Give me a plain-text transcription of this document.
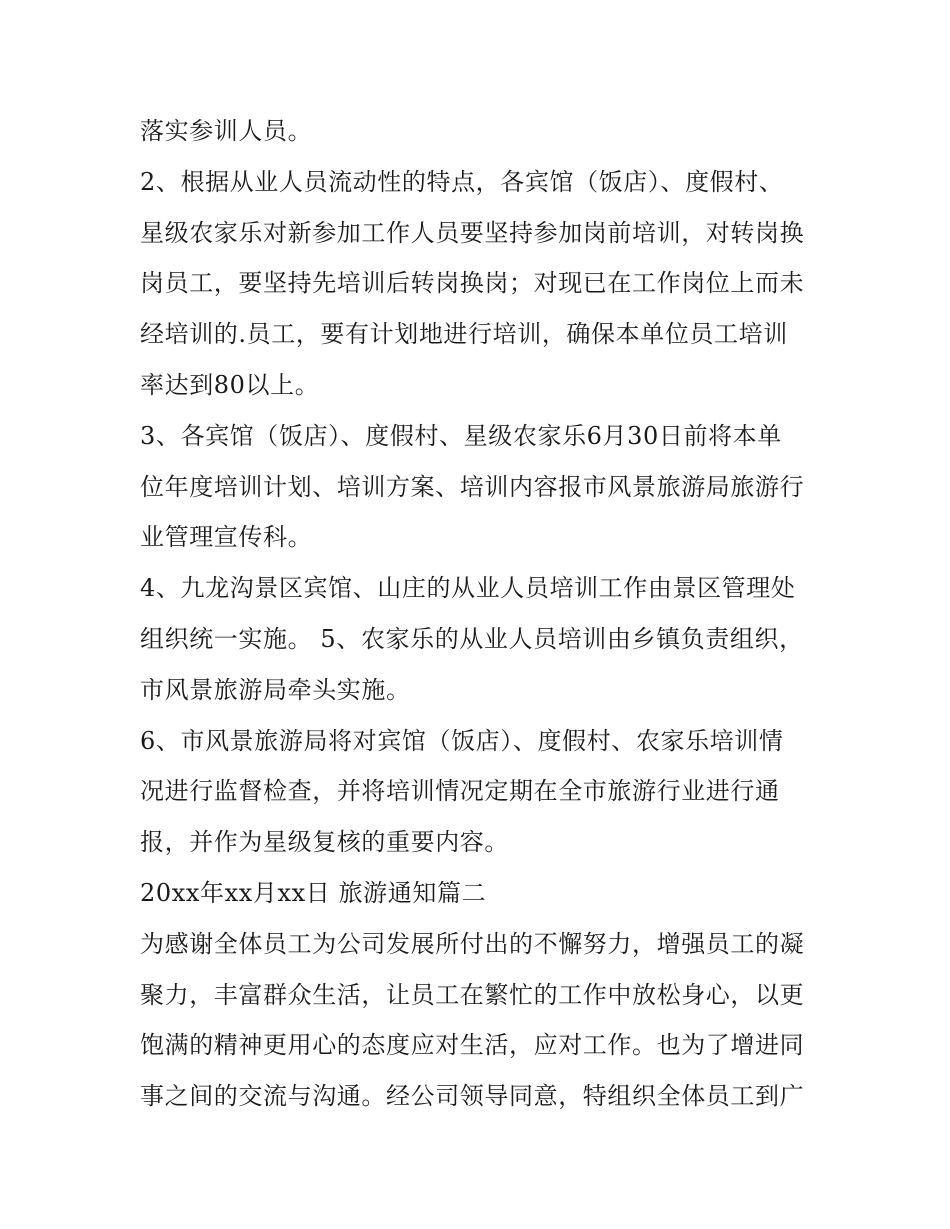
落实参训人员。
2、根据从业人员流动性的特点，各宾馆（饭店）、度假村、
星级农家乐对新参加工作人员要坚持参加岗前培训，对转岗换
岗员工，要坚持先培训后转岗换岗；对现已在工作岗位上而未
经培训的.员工，要有计划地进行培训，确保本单位员工培训
率达到80以上。
3、各宾馆（饭店）、度假村、星级农家乐6月30日前将本单
位年度培训计划、培训方案、培训内容报市风景旅游局旅游行
业管理宣传科。
4、九龙沟景区宾馆、山庄的从业人员培训工作由景区管理处
组织统一实施。 5、农家乐的从业人员培训由乡镇负责组织，
市风景旅游局牵头实施。
6、市风景旅游局将对宾馆（饭店）、度假村、农家乐培训情
况进行监督检查，并将培训情况定期在全市旅游行业进行通
报，并作为星级复核的重要内容。
20xx年xx月xx日 旅游通知篇二
为感谢全体员工为公司发展所付出的不懈努力，增强员工的凝
聚力，丰富群众生活，让员工在繁忙的工作中放松身心，以更
饱满的精神更用心的态度应对生活，应对工作。也为了增进同
事之间的交流与沟通。经公司领导同意，特组织全体员工到广
